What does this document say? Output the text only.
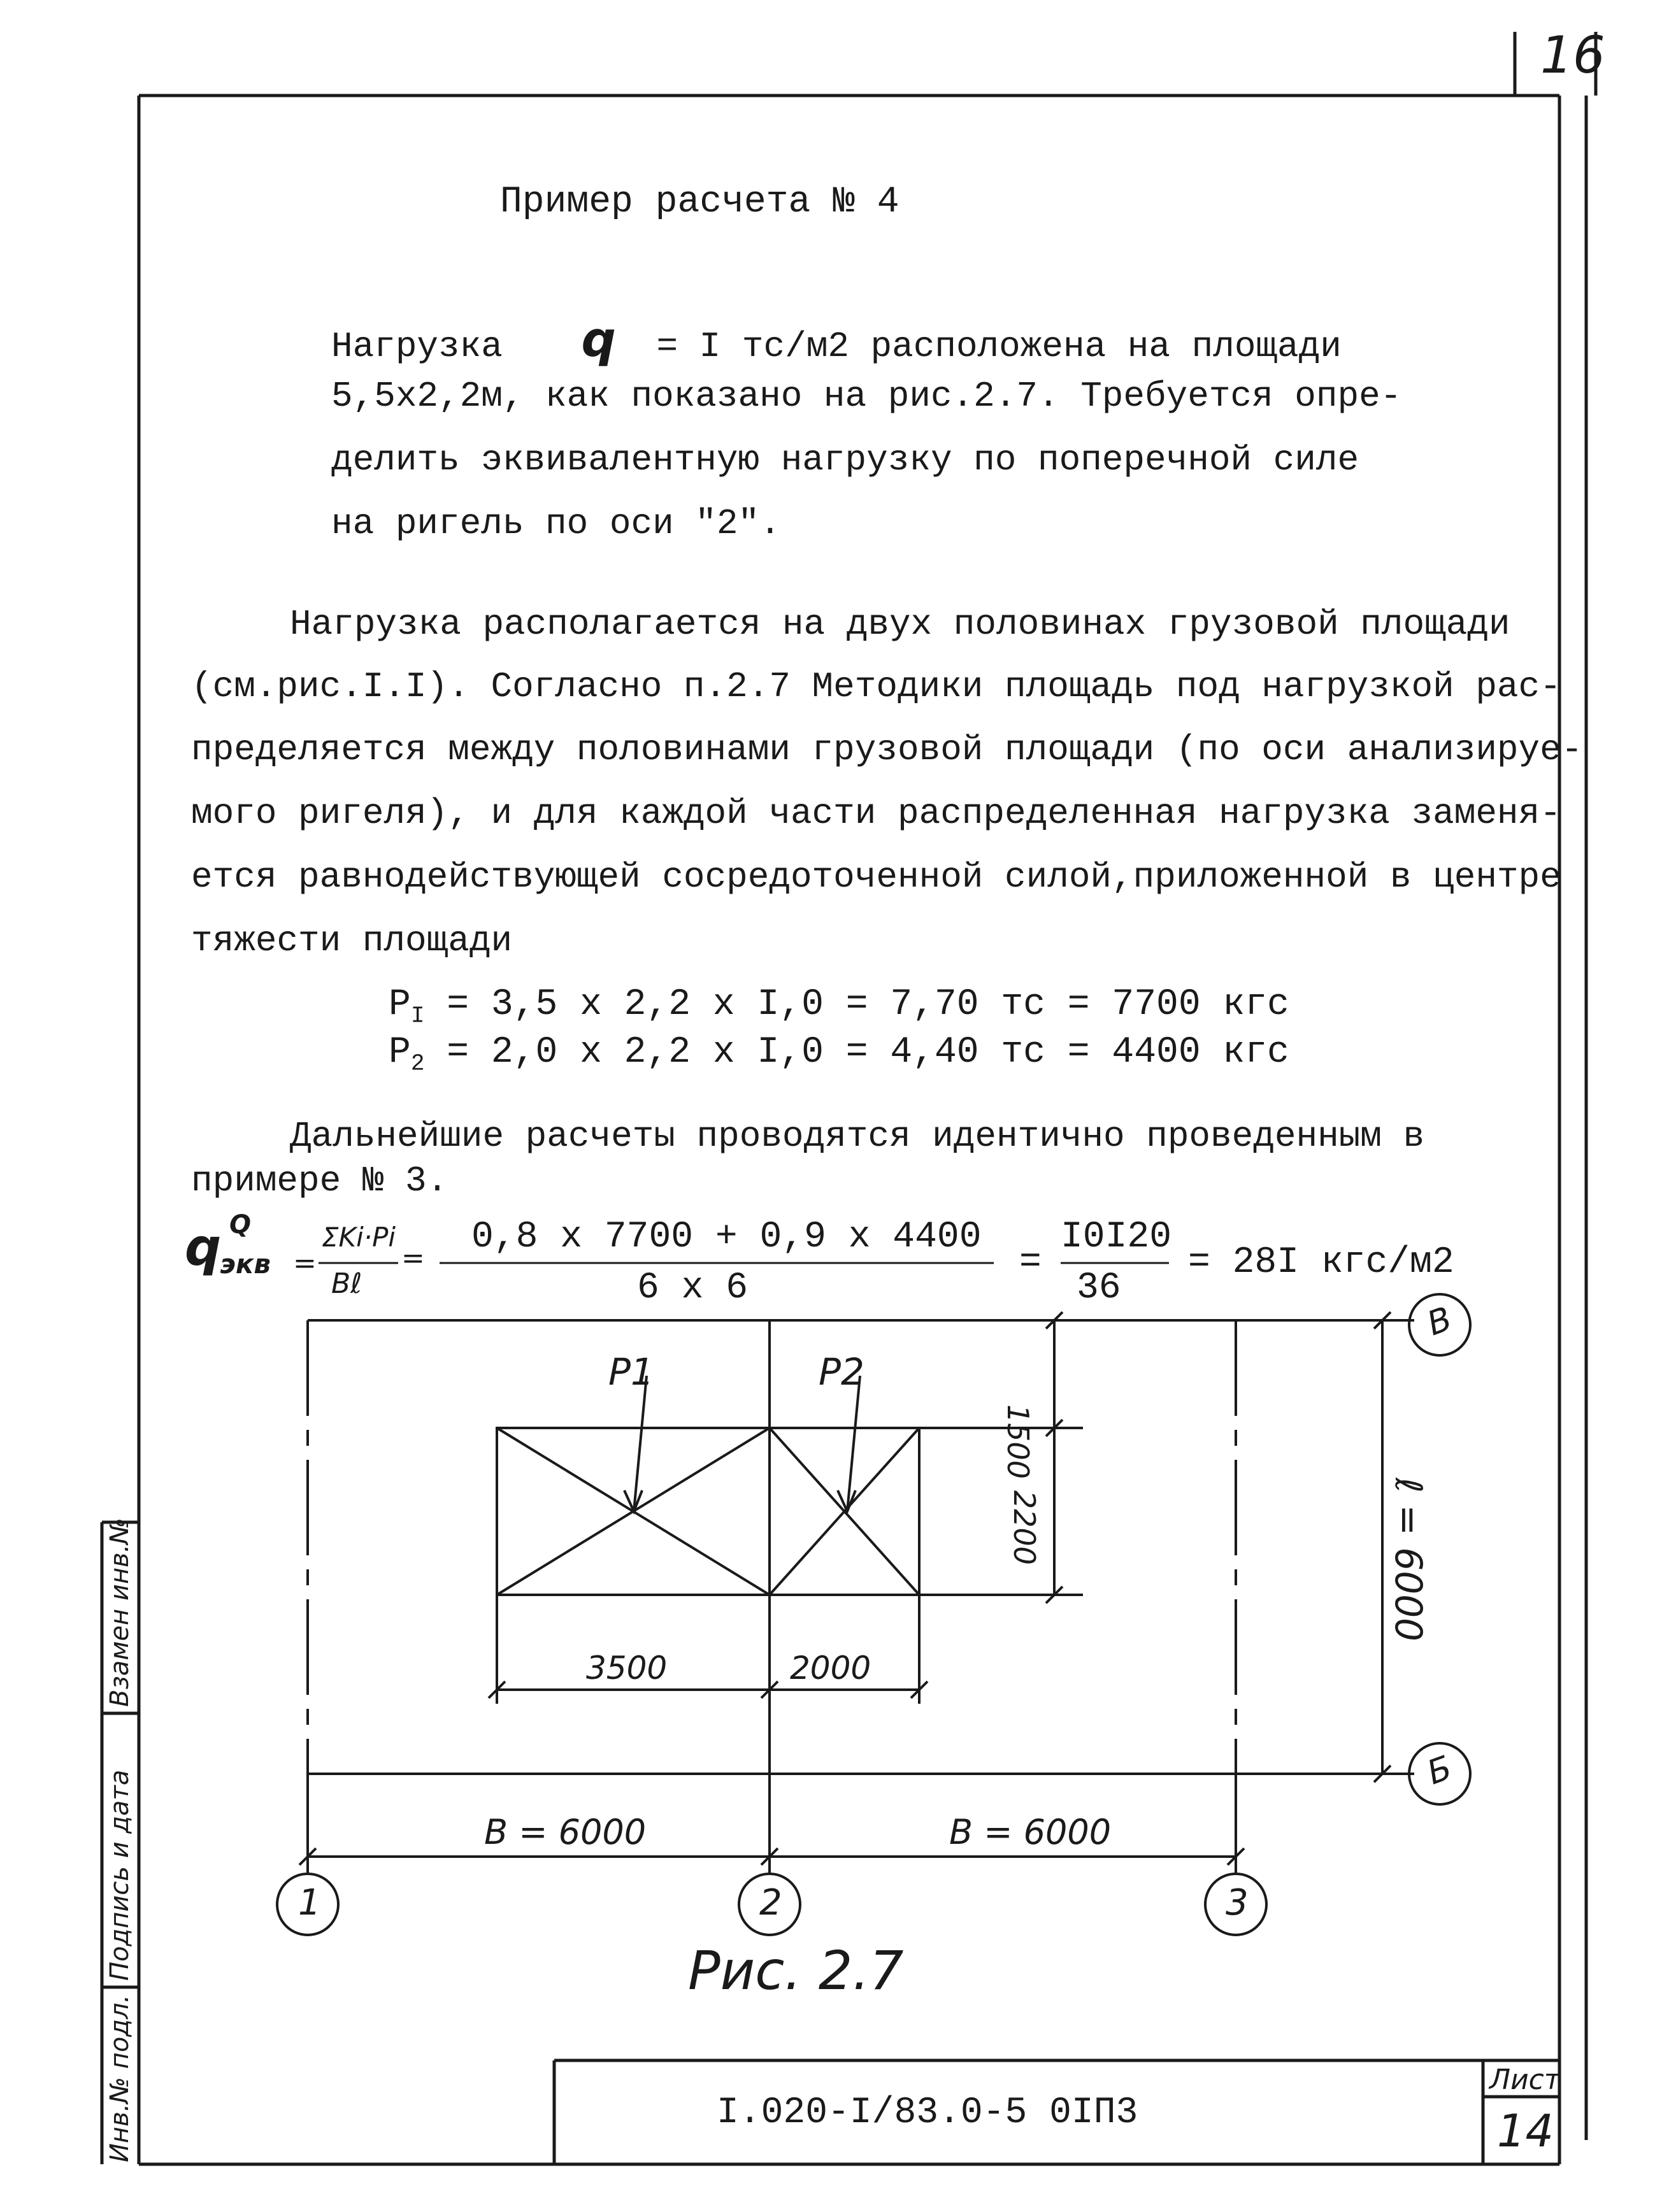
16
Пример расчета № 4
Нагрузка q = I тс/м2 расположена на площади
5,5x2,2м, как показано на рис.2.7. Требуется опре-
делить эквивалентную нагрузку по поперечной силе
на ригель по оси "2".
Нагрузка располагается на двух половинах грузовой площади
(см.рис.I.I). Согласно п.2.7 Методики площадь под нагрузкой рас-
пределяется между половинами грузовой площади (по оси анализируе-
мого ригеля), и для каждой части распределенная нагрузка заменя-
ется равнодействующей сосредоточенной силой,приложенной в центре
тяжести площади
$P_I = 3,5$ x 2,2 x I,0 = 7,70 тс = 7700 кгс
$P_2 = 2,0$ x 2,2 x I,0 = 4,40 тс = 4400 кгс
Дальнейшие расчеты проводятся идентично проведенным в
примере № 3.
q Q
экв =
ΣKi·Pi
Bℓ
=
0,8 x 7700 + 0,9 x 4400
6 x 6
=
I0I20
36
= 28I кгс/м2
P1	P2
1500
2200
3500	2000
B = 6000	B = 6000
ℓ = 6000
1	2	3
В
Б
Рис. 2.7
I.020-I/83.0-5 0IП3
Лист
14
Взамен инв.№
Подпись и дата
Инв.№ подл.
